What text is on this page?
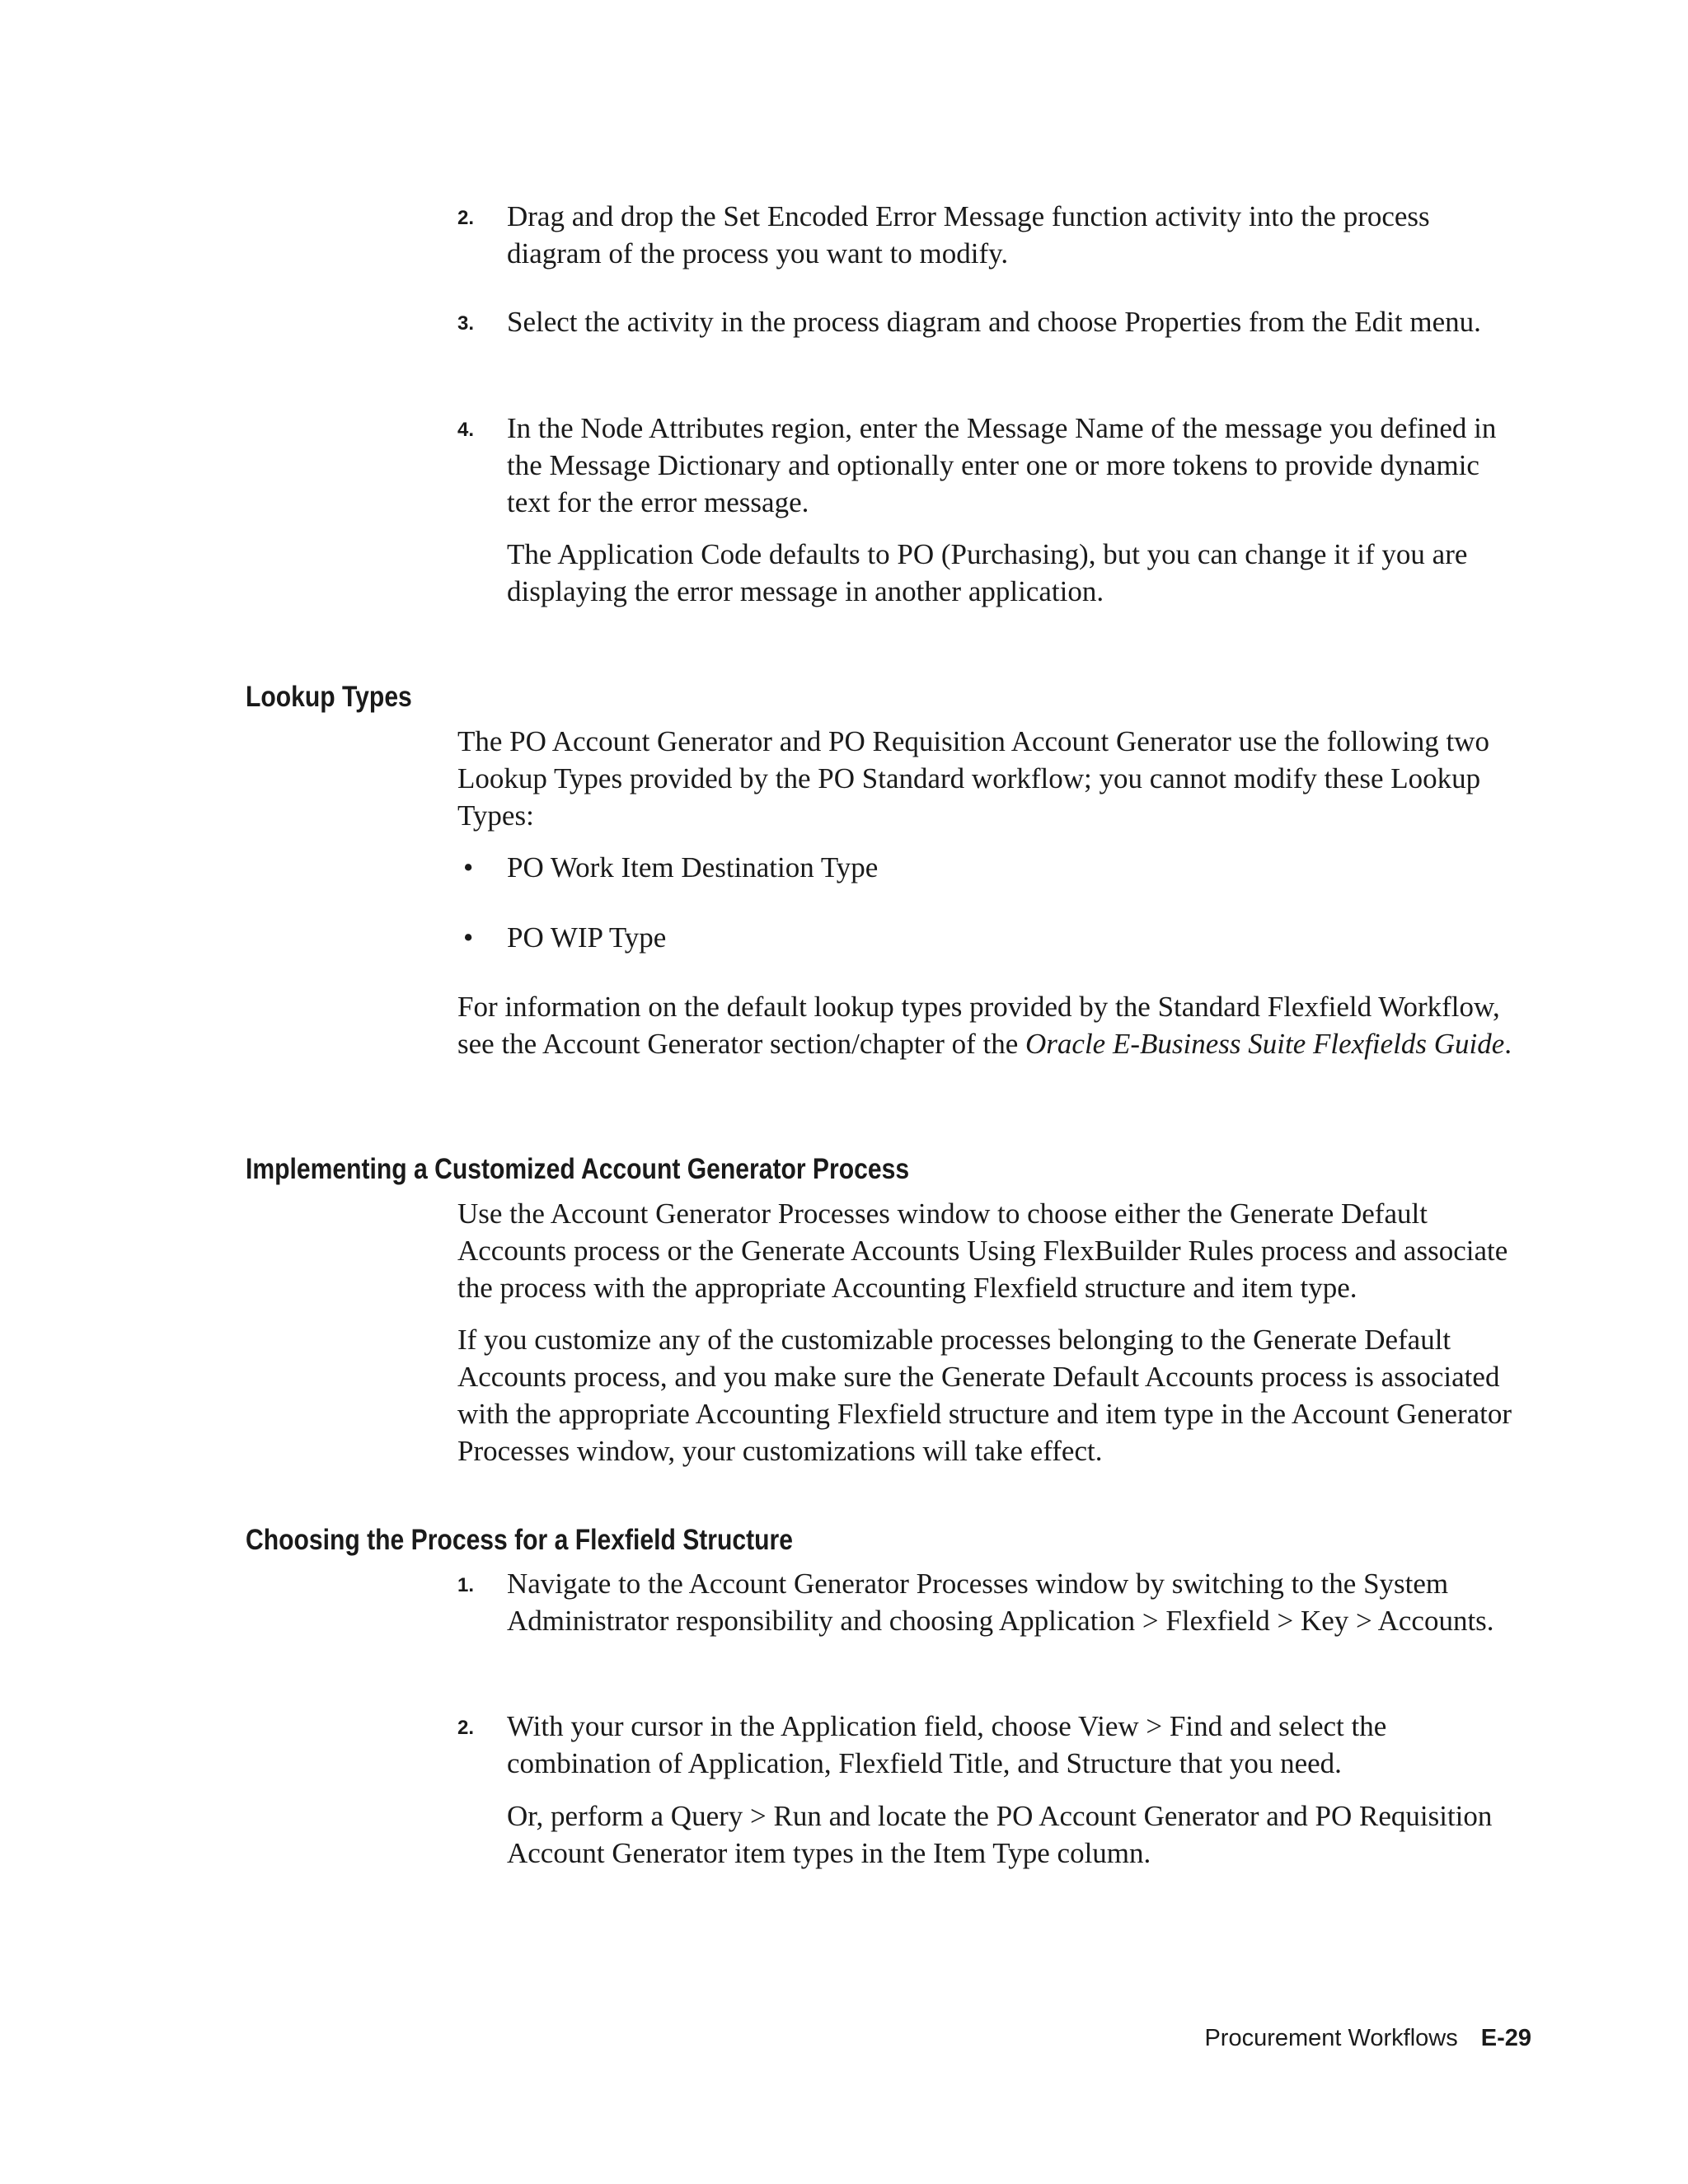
2. Drag and drop the Set Encoded Error Message function activity into the process diagram of the process you want to modify.
3. Select the activity in the process diagram and choose Properties from the Edit menu.
4. In the Node Attributes region, enter the Message Name of the message you defined in the Message Dictionary and optionally enter one or more tokens to provide dynamic text for the error message.
The Application Code defaults to PO (Purchasing), but you can change it if you are displaying the error message in another application.
Lookup Types
The PO Account Generator and PO Requisition Account Generator use the following two Lookup Types provided by the PO Standard workflow; you cannot modify these Lookup Types:
• PO Work Item Destination Type
• PO WIP Type
For information on the default lookup types provided by the Standard Flexfield Workflow, see the Account Generator section/chapter of the Oracle E-Business Suite Flexfields Guide.
Implementing a Customized Account Generator Process
Use the Account Generator Processes window to choose either the Generate Default Accounts process or the Generate Accounts Using FlexBuilder Rules process and associate the process with the appropriate Accounting Flexfield structure and item type.
If you customize any of the customizable processes belonging to the Generate Default Accounts process, and you make sure the Generate Default Accounts process is associated with the appropriate Accounting Flexfield structure and item type in the Account Generator Processes window, your customizations will take effect.
Choosing the Process for a Flexfield Structure
1. Navigate to the Account Generator Processes window by switching to the System Administrator responsibility and choosing Application > Flexfield > Key > Accounts.
2. With your cursor in the Application field, choose View > Find and select the combination of Application, Flexfield Title, and Structure that you need.
Or, perform a Query > Run and locate the PO Account Generator and PO Requisition Account Generator item types in the Item Type column.
Procurement Workflows E-29
